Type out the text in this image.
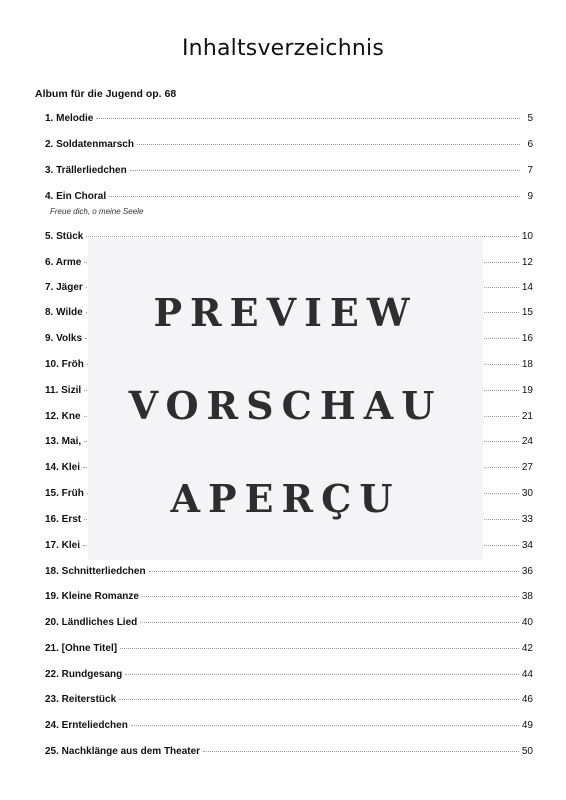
Inhaltsverzeichnis
Album für die Jugend op. 68
1. Melodie	5
2. Soldatenmarsch	6
3. Trällerliedchen	7
4. Ein Choral	9
Freue dich, o meine Seele
5. Stück	10
6. Arme	12
7. Jäger	14
8. Wilde	15
9. Volks	16
10. Fröh	18
11. Sizil	19
12. Kne	21
13. Mai,	24
14. Klei	27
15. Früh	30
16. Erst	33
17. Klei	34
18. Schnitterliedchen	36
19. Kleine Romanze	38
20. Ländliches Lied	40
21. [Ohne Titel]	42
22. Rundgesang	44
23. Reiterstück	46
24. Ernteliedchen	49
25. Nachklänge aus dem Theater	50
PREVIEW
VORSCHAU
APERÇU
